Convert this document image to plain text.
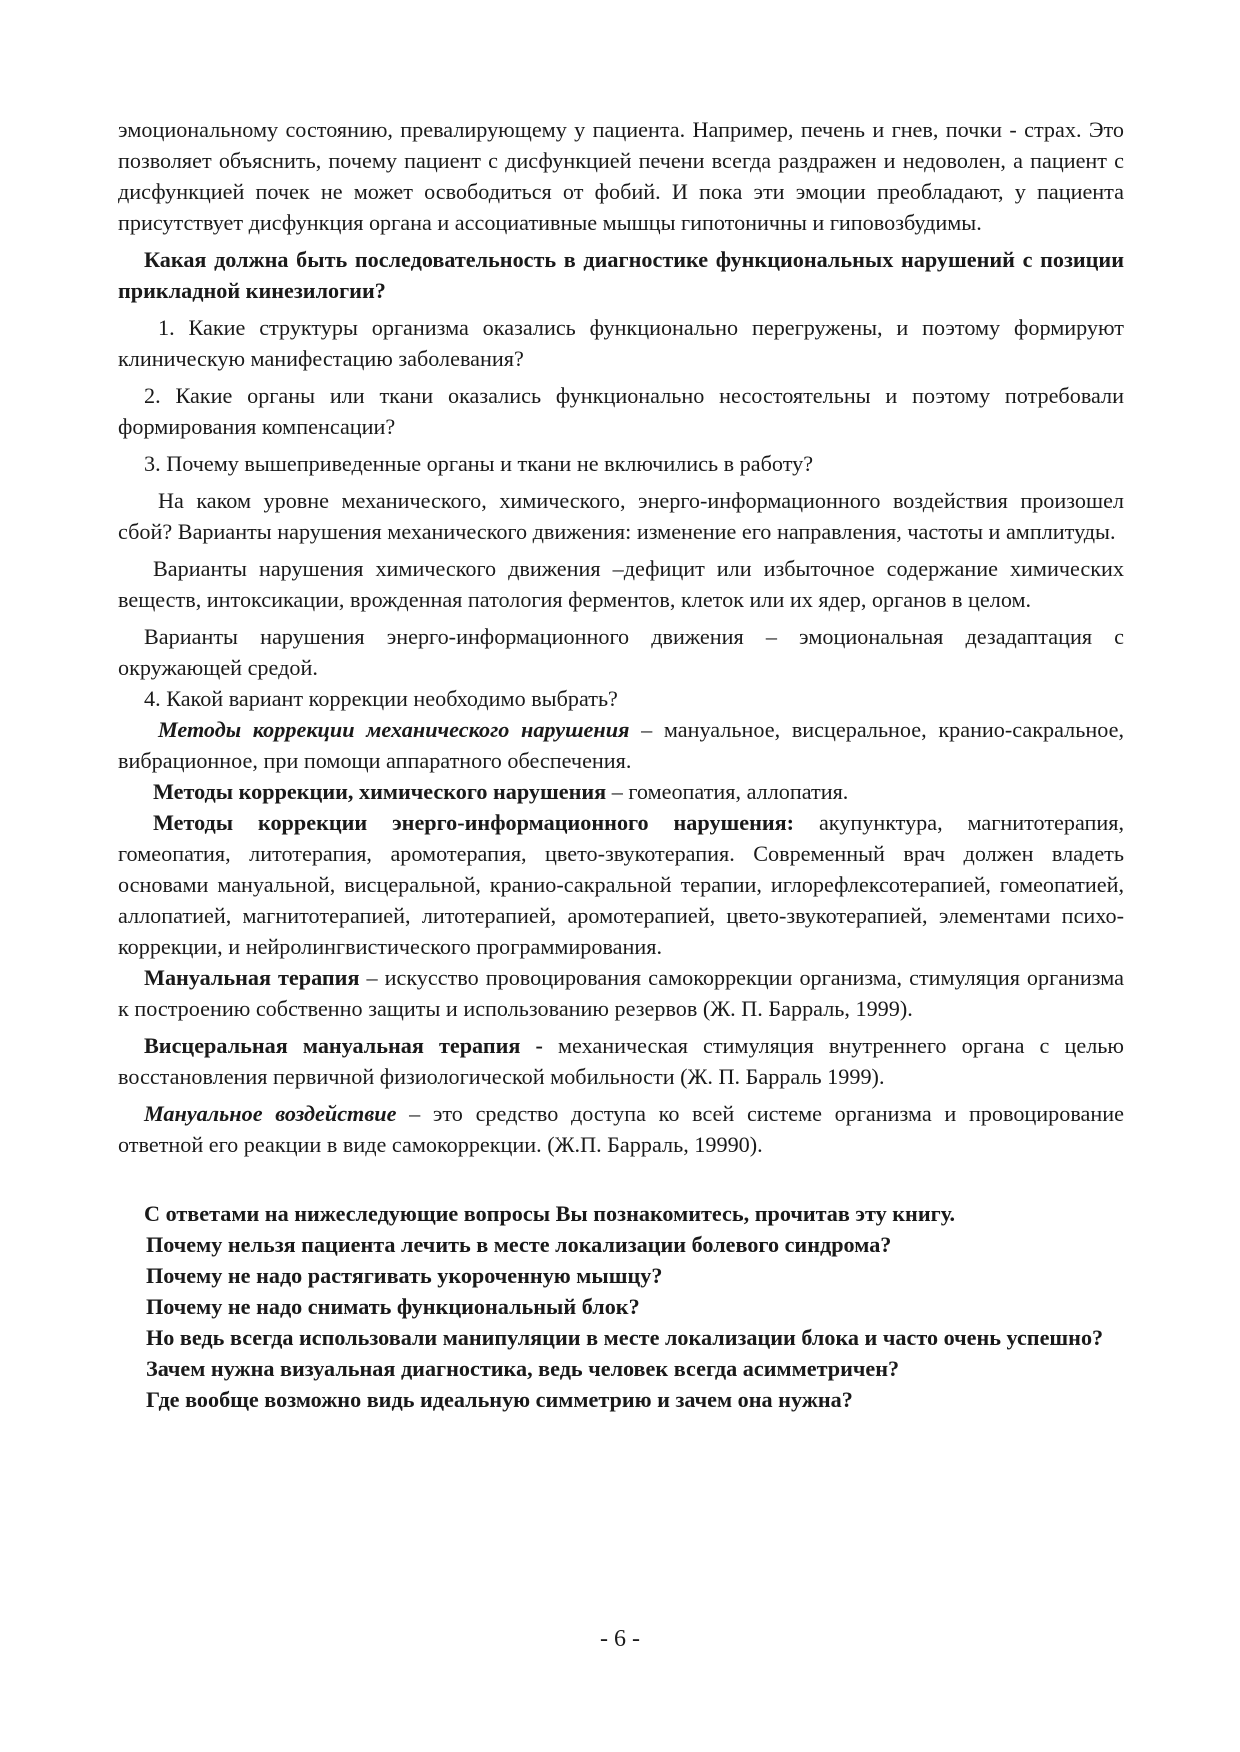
эмоциональному состоянию, превалирующему у пациента. Например, печень и гнев, почки - страх. Это позволяет объяснить, почему пациент с дисфункцией печени всегда раздражен и недоволен, а пациент с дисфункцией почек не может освободиться от фобий. И пока эти эмоции преобладают, у пациента присутствует дисфункция органа и ассоциативные мышцы гипотоничны и гиповозбудимы.

Какая должна быть последовательность в диагностике функциональных нарушений с позиции прикладной кинезилогии?

1. Какие структуры организма оказались функционально перегружены, и поэтому формируют клиническую манифестацию заболевания?

2. Какие органы или ткани оказались функционально несостоятельны и поэтому потребовали формирования компенсации?

3. Почему вышеприведенные органы и ткани не включились в работу?

На каком уровне механического, химического, энерго-информационного воздействия произошел сбой? Варианты нарушения механического движения: изменение его направления, частоты и амплитуды.

Варианты нарушения химического движения –дефицит или избыточное содержание химических веществ, интоксикации, врожденная патология ферментов, клеток или их ядер, органов в целом.

Варианты нарушения энерго-информационного движения – эмоциональная дезадаптация с окружающей средой.

4. Какой вариант коррекции необходимо выбрать?

Методы коррекции механического нарушения – мануальное, висцеральное, кранио-сакральное, вибрационное, при помощи аппаратного обеспечения.

Методы коррекции, химического нарушения – гомеопатия, аллопатия.

Методы коррекции энерго-информационного нарушения: акупунктура, магнитотерапия, гомеопатия, литотерапия, аромотерапия, цвето-звукотерапия. Современный врач должен владеть основами мануальной, висцеральной, кранио-сакральной терапии, иглорефлексотерапией, гомеопатией, аллопатией, магнитотерапией, литотерапией, аромотерапией, цвето-звукотерапией, элементами психо-коррекции, и нейролингвистического программирования.

Мануальная терапия – искусство провоцирования самокоррекции организма, стимуляция организма к построению собственно защиты и использованию резервов (Ж. П. Барраль, 1999).

Висцеральная мануальная терапия - механическая стимуляция внутреннего органа с целью восстановления первичной физиологической мобильности (Ж. П. Барраль 1999).

Мануальное воздействие – это средство доступа ко всей системе организма и провоцирование ответной его реакции в виде самокоррекции. (Ж.П. Барраль, 19990).

С ответами на нижеследующие вопросы Вы познакомитесь, прочитав эту книгу.

Почему нельзя пациента лечить в месте локализации болевого синдрома?

Почему не надо растягивать укороченную мышцу?

Почему не надо снимать функциональный блок?

Но ведь всегда использовали манипуляции в месте локализации блока и часто очень успешно?

Зачем нужна визуальная диагностика, ведь человек всегда асимметричен?

Где вообще возможно видь идеальную симметрию и зачем она нужна?

- 6 -
